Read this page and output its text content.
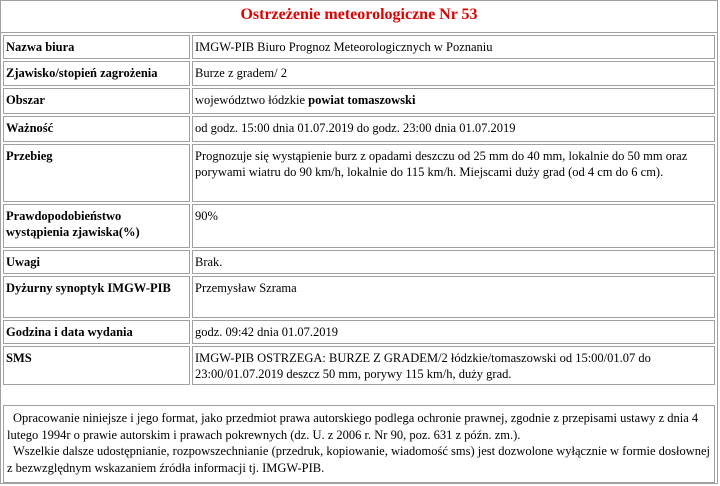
Ostrzeżenie meteorologiczne Nr 53
Nazwa biura	IMGW-PIB Biuro Prognoz Meteorologicznych w Poznaniu
Zjawisko/stopień zagrożenia	Burze z gradem/ 2
Obszar	województwo łódzkie powiat tomaszowski
Ważność	od godz. 15:00 dnia 01.07.2019 do godz. 23:00 dnia 01.07.2019
Przebieg	Prognozuje się wystąpienie burz z opadami deszczu od 25 mm do 40 mm, lokalnie do 50 mm oraz porywami wiatru do 90 km/h, lokalnie do 115 km/h. Miejscami duży grad (od 4 cm do 6 cm).
Prawdopodobieństwo wystąpienia zjawiska(%)	90%
Uwagi	Brak.
Dyżurny synoptyk IMGW-PIB	Przemysław Szrama
Godzina i data wydania	godz. 09:42 dnia 01.07.2019
SMS	IMGW-PIB OSTRZEGA: BURZE Z GRADEM/2 łódzkie/tomaszowski od 15:00/01.07 do 23:00/01.07.2019 deszcz 50 mm, porywy 115 km/h, duży grad.

Opracowanie niniejsze i jego format, jako przedmiot prawa autorskiego podlega ochronie prawnej, zgodnie z przepisami ustawy z dnia 4 lutego 1994r o prawie autorskim i prawach pokrewnych (dz. U. z 2006 r. Nr 90, poz. 631 z późn. zm.).

Wszelkie dalsze udostępnianie, rozpowszechnianie (przedruk, kopiowanie, wiadomość sms) jest dozwolone wyłącznie w formie dosłownej z bezwzględnym wskazaniem źródła informacji tj. IMGW-PIB.
